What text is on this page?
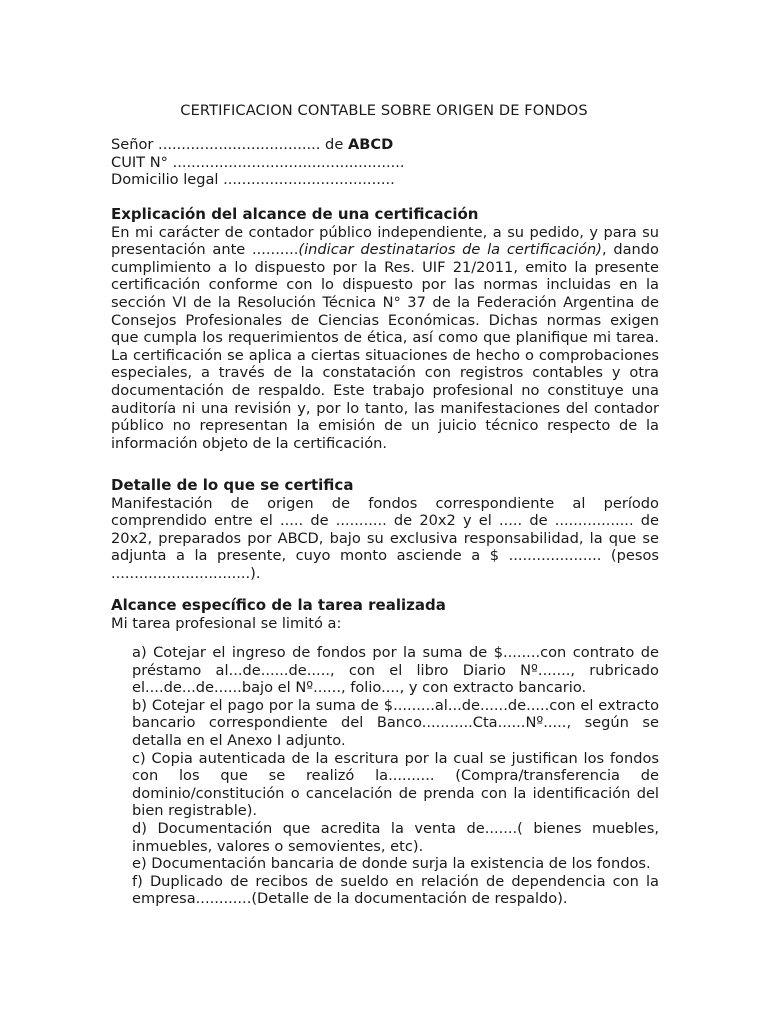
CERTIFICACION CONTABLE SOBRE ORIGEN DE FONDOS

Señor ................................... de ABCD

CUIT N° ..................................................

Domicilio legal .....................................

Explicación del alcance de una certificación

En mi carácter de contador público independiente, a su pedido, y para su presentación ante ..........(indicar destinatarios de la certificación), dando cumplimiento a lo dispuesto por la Res. UIF 21/2011, emito la presente certificación conforme con lo dispuesto por las normas incluidas en la sección VI de la Resolución Técnica N° 37 de la Federación Argentina de Consejos Profesionales de Ciencias Económicas. Dichas normas exigen que cumpla los requerimientos de ética, así como que planifique mi tarea. La certificación se aplica a ciertas situaciones de hecho o comprobaciones especiales, a través de la constatación con registros contables y otra documentación de respaldo. Este trabajo profesional no constituye una auditoría ni una revisión y, por lo tanto, las manifestaciones del contador público no representan la emisión de un juicio técnico respecto de la información objeto de la certificación.

Detalle de lo que se certifica

Manifestación de origen de fondos correspondiente al período comprendido entre el ..... de ........... de 20x2 y el ..... de ................. de 20x2, preparados por ABCD, bajo su exclusiva responsabilidad, la que se adjunta a la presente, cuyo monto asciende a $ .................... (pesos ..............................).

Alcance específico de la tarea realizada

Mi tarea profesional se limitó a:

a) Cotejar el ingreso de fondos por la suma de $........con contrato de préstamo al...de......de....., con el libro Diario Nº......., rubricado el....de...de......bajo el Nº......, folio...., y con extracto bancario.

b) Cotejar el pago por la suma de $.........al...de......de.....con el extracto bancario correspondiente del Banco...........Cta......Nº....., según se detalla en el Anexo I adjunto.

c) Copia autenticada de la escritura por la cual se justifican los fondos con los que se realizó la.......... (Compra/transferencia de dominio/constitución o cancelación de prenda con la identificación del bien registrable).

d) Documentación que acredita la venta de.......( bienes muebles, inmuebles, valores o semovientes, etc).

e) Documentación bancaria de donde surja la existencia de los fondos.

f) Duplicado de recibos de sueldo en relación de dependencia con la empresa............(Detalle de la documentación de respaldo).
